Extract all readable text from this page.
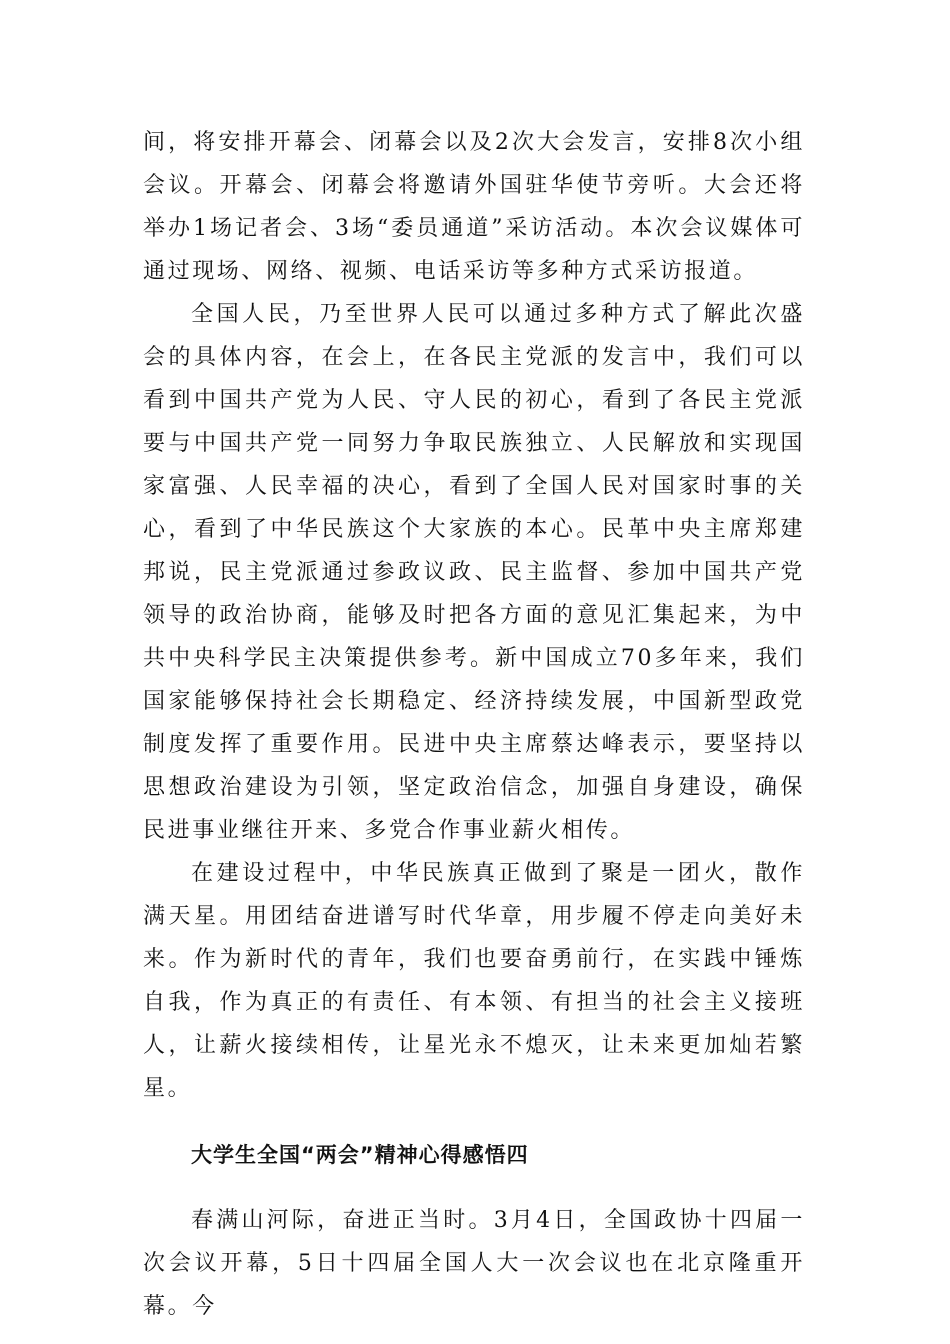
间，将安排开幕会、闭幕会以及2次大会发言，安排8次小组会议。开幕会、闭幕会将邀请外国驻华使节旁听。大会还将举办1场记者会、3场“委员通道”采访活动。本次会议媒体可通过现场、网络、视频、电话采访等多种方式采访报道。

全国人民，乃至世界人民可以通过多种方式了解此次盛会的具体内容，在会上，在各民主党派的发言中，我们可以看到中国共产党为人民、守人民的初心，看到了各民主党派要与中国共产党一同努力争取民族独立、人民解放和实现国家富强、人民幸福的决心，看到了全国人民对国家时事的关心，看到了中华民族这个大家族的本心。民革中央主席郑建邦说，民主党派通过参政议政、民主监督、参加中国共产党领导的政治协商，能够及时把各方面的意见汇集起来，为中共中央科学民主决策提供参考。新中国成立70多年来，我们国家能够保持社会长期稳定、经济持续发展，中国新型政党制度发挥了重要作用。民进中央主席蔡达峰表示，要坚持以思想政治建设为引领，坚定政治信念，加强自身建设，确保民进事业继往开来、多党合作事业薪火相传。

在建设过程中，中华民族真正做到了聚是一团火，散作满天星。用团结奋进谱写时代华章，用步履不停走向美好未来。作为新时代的青年，我们也要奋勇前行，在实践中锤炼自我，作为真正的有责任、有本领、有担当的社会主义接班人，让薪火接续相传，让星光永不熄灭，让未来更加灿若繁星。

大学生全国“两会”精神心得感悟四

春满山河际，奋进正当时。3月4日，全国政协十四届一次会议开幕，5日十四届全国人大一次会议也在北京隆重开幕。今
